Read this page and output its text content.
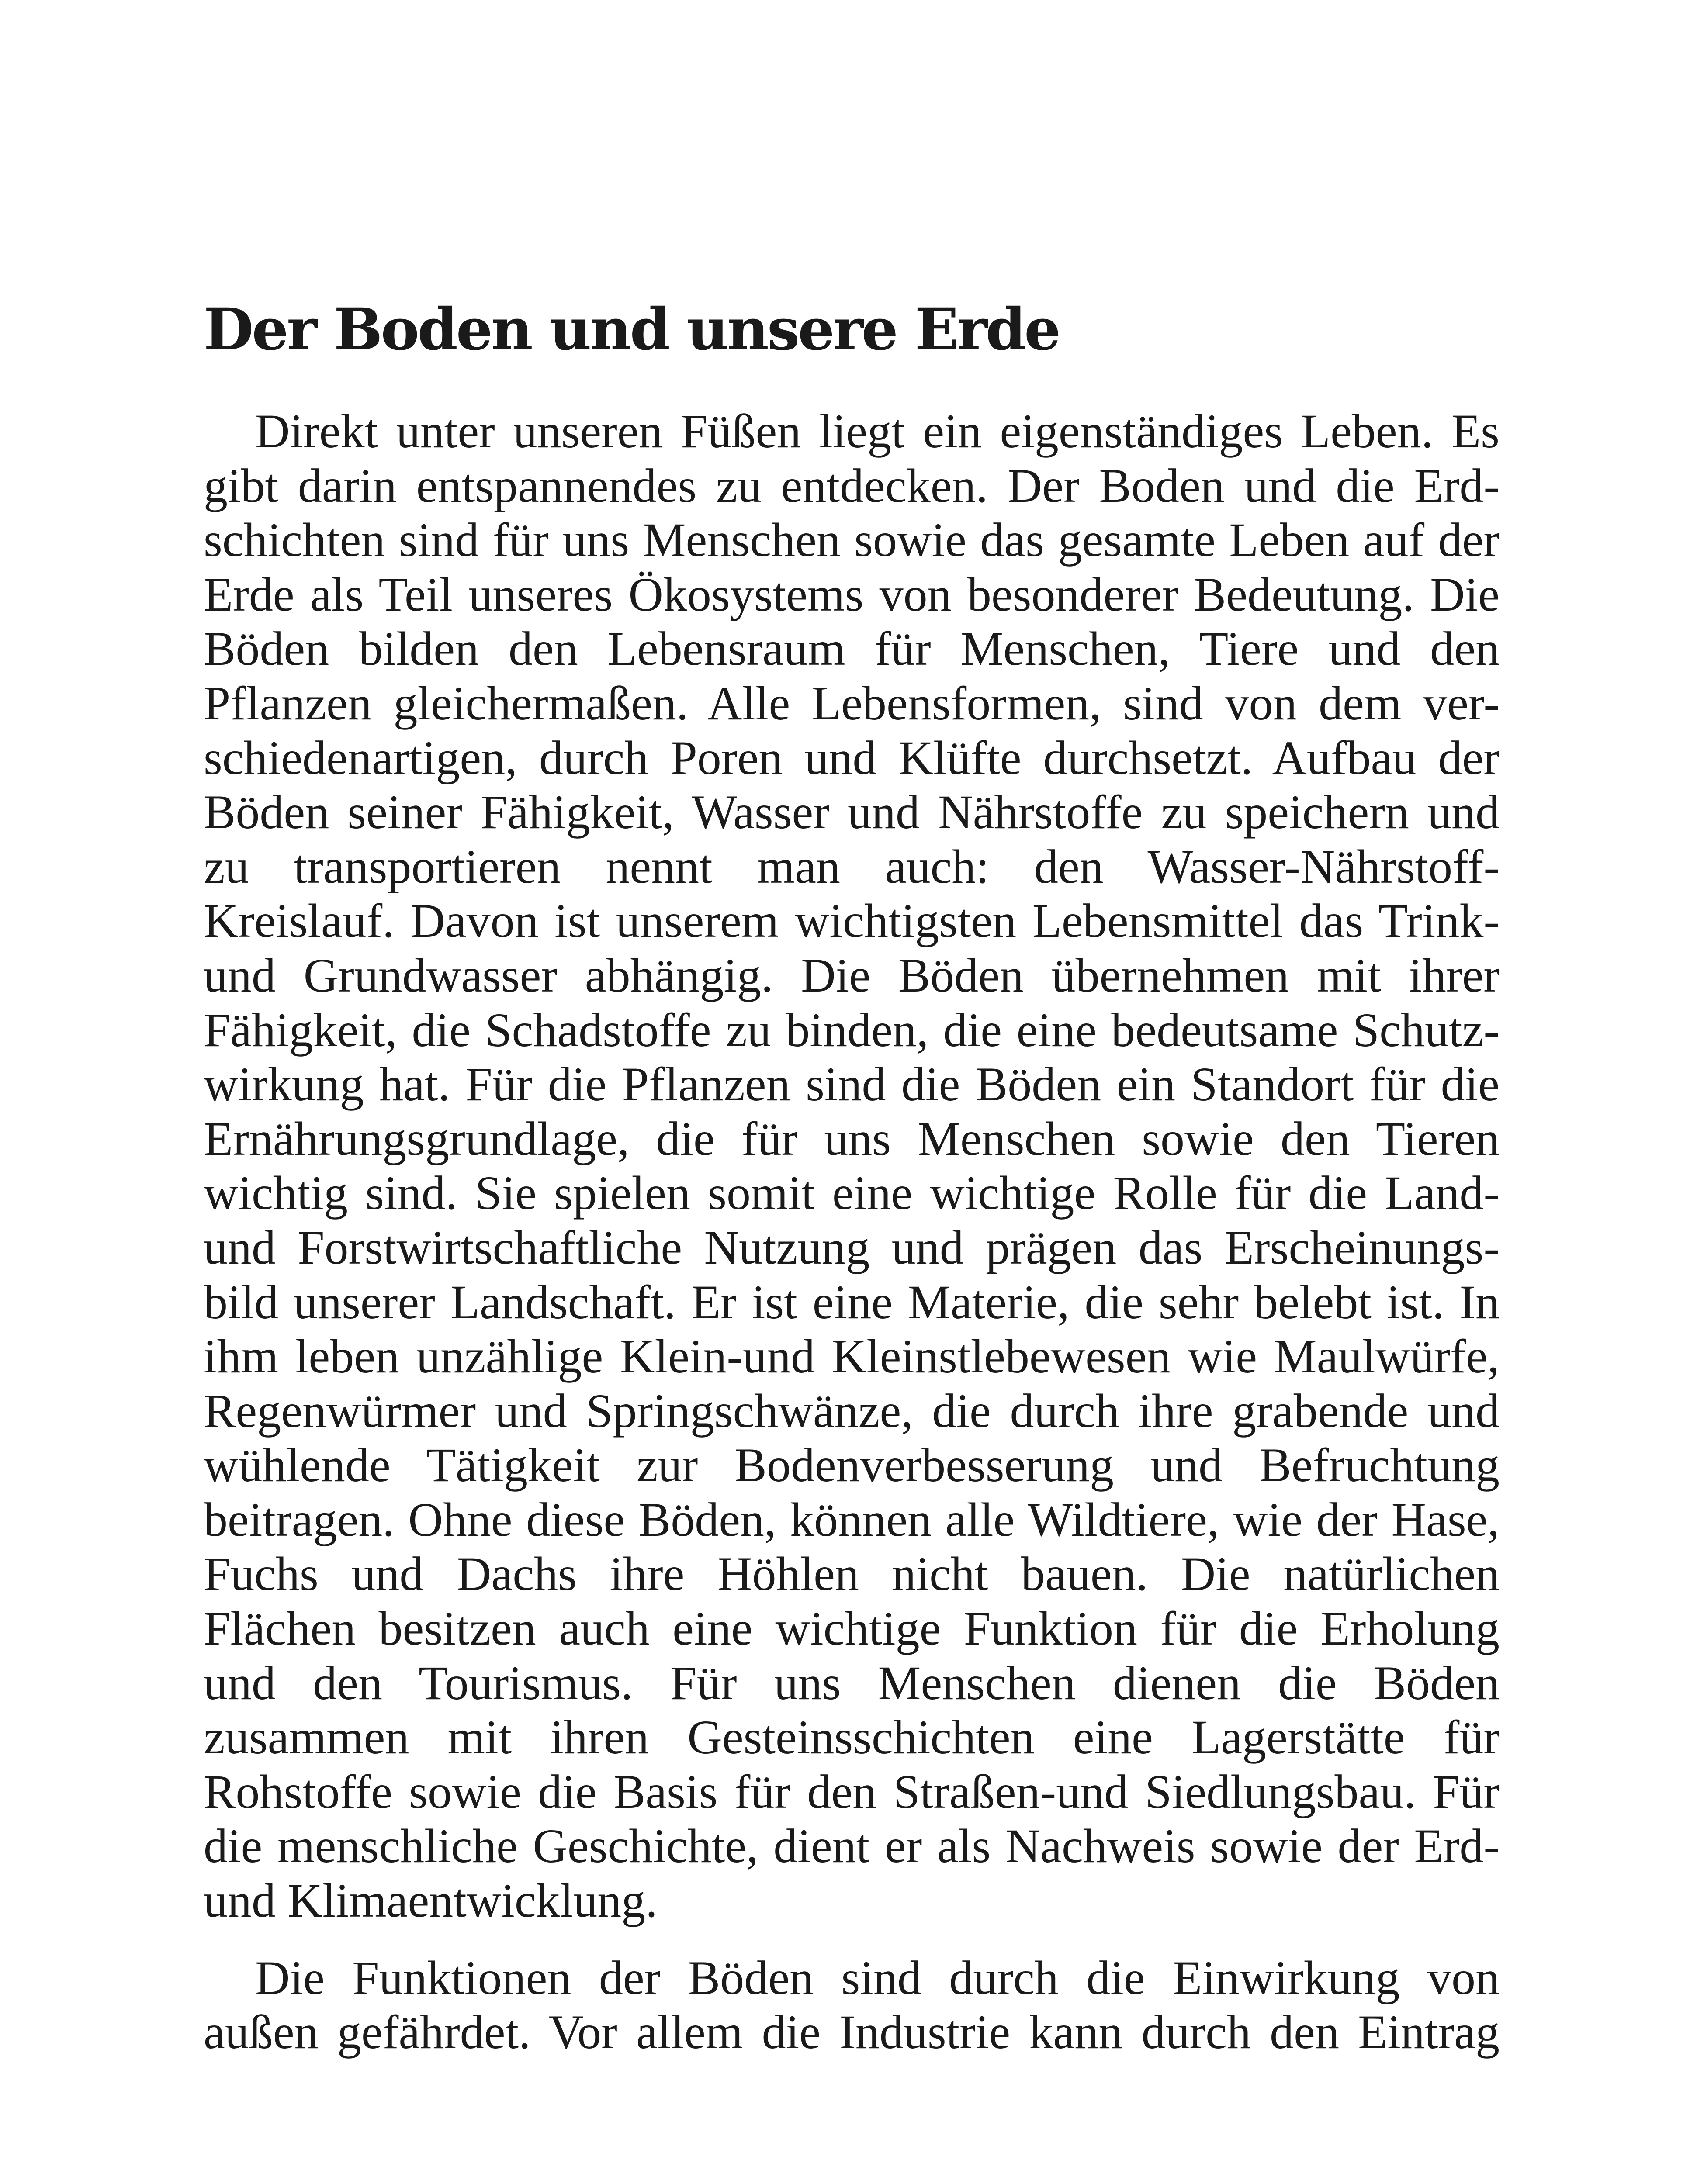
Der Boden und unsere Erde

Direkt unter unseren Füßen liegt ein eigenständiges Leben. Es
gibt darin entspannendes zu entdecken. Der Boden und die Erd-
schichten sind für uns Menschen sowie das gesamte Leben auf der
Erde als Teil unseres Ökosystems von besonderer Bedeutung. Die
Böden bilden den Lebensraum für Menschen, Tiere und den
Pflanzen gleichermaßen. Alle Lebensformen, sind von dem ver-
schiedenartigen, durch Poren und Klüfte durchsetzt. Aufbau der
Böden seiner Fähigkeit, Wasser und Nährstoffe zu speichern und
zu transportieren nennt man auch: den Wasser-Nährstoff-
Kreislauf. Davon ist unserem wichtigsten Lebensmittel das Trink-
und Grundwasser abhängig. Die Böden übernehmen mit ihrer
Fähigkeit, die Schadstoffe zu binden, die eine bedeutsame Schutz-
wirkung hat. Für die Pflanzen sind die Böden ein Standort für die
Ernährungsgrundlage, die für uns Menschen sowie den Tieren
wichtig sind. Sie spielen somit eine wichtige Rolle für die Land-
und Forstwirtschaftliche Nutzung und prägen das Erscheinungs-
bild unserer Landschaft. Er ist eine Materie, die sehr belebt ist. In
ihm leben unzählige Klein-und Kleinstlebewesen wie Maulwürfe,
Regenwürmer und Springschwänze, die durch ihre grabende und
wühlende Tätigkeit zur Bodenverbesserung und Befruchtung
beitragen. Ohne diese Böden, können alle Wildtiere, wie der Hase,
Fuchs und Dachs ihre Höhlen nicht bauen. Die natürlichen
Flächen besitzen auch eine wichtige Funktion für die Erholung
und den Tourismus. Für uns Menschen dienen die Böden
zusammen mit ihren Gesteinsschichten eine Lagerstätte für
Rohstoffe sowie die Basis für den Straßen-und Siedlungsbau. Für
die menschliche Geschichte, dient er als Nachweis sowie der Erd-
und Klimaentwicklung.

Die Funktionen der Böden sind durch die Einwirkung von
außen gefährdet. Vor allem die Industrie kann durch den Eintrag
